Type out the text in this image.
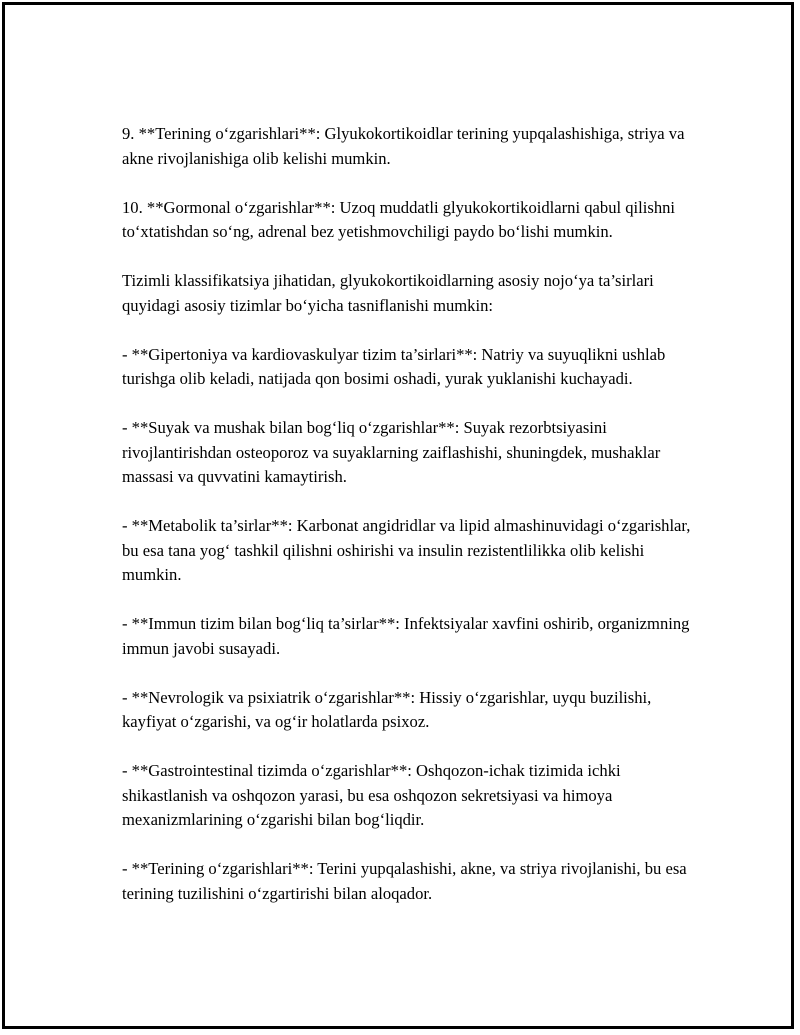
9. **Terining o‘zgarishlari**: Glyukokortikoidlar terining yupqalashishiga, striya va akne rivojlanishiga olib kelishi mumkin.

10. **Gormonal o‘zgarishlar**: Uzoq muddatli glyukokortikoidlarni qabul qilishni to‘xtatishdan so‘ng, adrenal bez yetishmovchiligi paydo bo‘lishi mumkin.

Tizimli klassifikatsiya jihatidan, glyukokortikoidlarning asosiy nojo‘ya ta’sirlari quyidagi asosiy tizimlar bo‘yicha tasniflanishi mumkin:

- **Gipertoniya va kardiovaskulyar tizim ta’sirlari**: Natriy va suyuqlikni ushlab turishga olib keladi, natijada qon bosimi oshadi, yurak yuklanishi kuchayadi.

- **Suyak va mushak bilan bog‘liq o‘zgarishlar**: Suyak rezorbtsiyasini rivojlantirishdan osteoporoz va suyaklarning zaiflashishi, shuningdek, mushaklar massasi va quvvatini kamaytirish.

- **Metabolik ta’sirlar**: Karbonat angidridlar va lipid almashinuvidagi o‘zgarishlar, bu esa tana yog‘ tashkil qilishni oshirishi va insulin rezistentlilikka olib kelishi mumkin.

- **Immun tizim bilan bog‘liq ta’sirlar**: Infektsiyalar xavfini oshirib, organizmning immun javobi susayadi.

- **Nevrologik va psixiatrik o‘zgarishlar**: Hissiy o‘zgarishlar, uyqu buzilishi, kayfiyat o‘zgarishi, va og‘ir holatlarda psixoz.

- **Gastrointestinal tizimda o‘zgarishlar**: Oshqozon-ichak tizimida ichki shikastlanish va oshqozon yarasi, bu esa oshqozon sekretsiyasi va himoya mexanizmlarining o‘zgarishi bilan bog‘liqdir.

- **Terining o‘zgarishlari**: Terini yupqalashishi, akne, va striya rivojlanishi, bu esa terining tuzilishini o‘zgartirishi bilan aloqador.
